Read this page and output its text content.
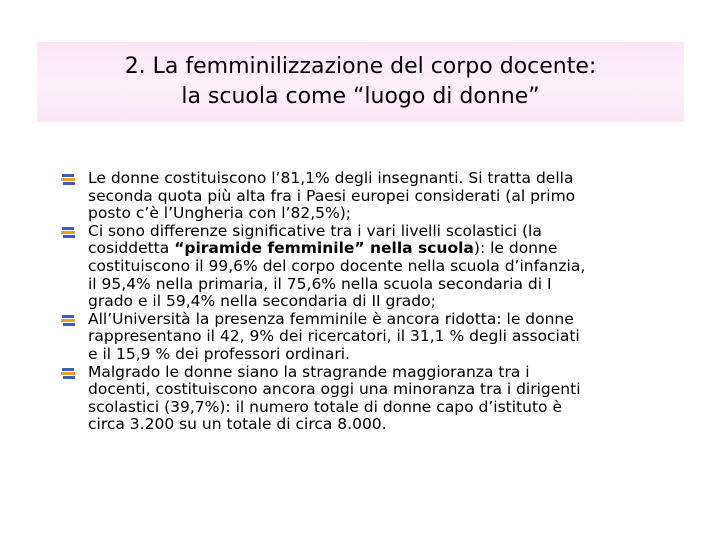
2. La femminilizzazione del corpo docente:
la scuola come “luogo di donne”
Le donne costituiscono l’81,1% degli insegnanti. Si tratta della
seconda quota più alta fra i Paesi europei considerati (al primo
posto c’è l’Ungheria con l’82,5%);
Ci sono differenze significative tra i vari livelli scolastici (la
cosiddetta “piramide femminile” nella scuola): le donne
costituiscono il 99,6% del corpo docente nella scuola d’infanzia,
il 95,4% nella primaria, il 75,6% nella scuola secondaria di I
grado e il 59,4% nella secondaria di II grado;
All’Università la presenza femminile è ancora ridotta: le donne
rappresentano il 42, 9% dei ricercatori, il 31,1 % degli associati
e il 15,9 % dei professori ordinari.
Malgrado le donne siano la stragrande maggioranza tra i
docenti, costituiscono ancora oggi una minoranza tra i dirigenti
scolastici (39,7%): il numero totale di donne capo d’istituto è
circa 3.200 su un totale di circa 8.000.
